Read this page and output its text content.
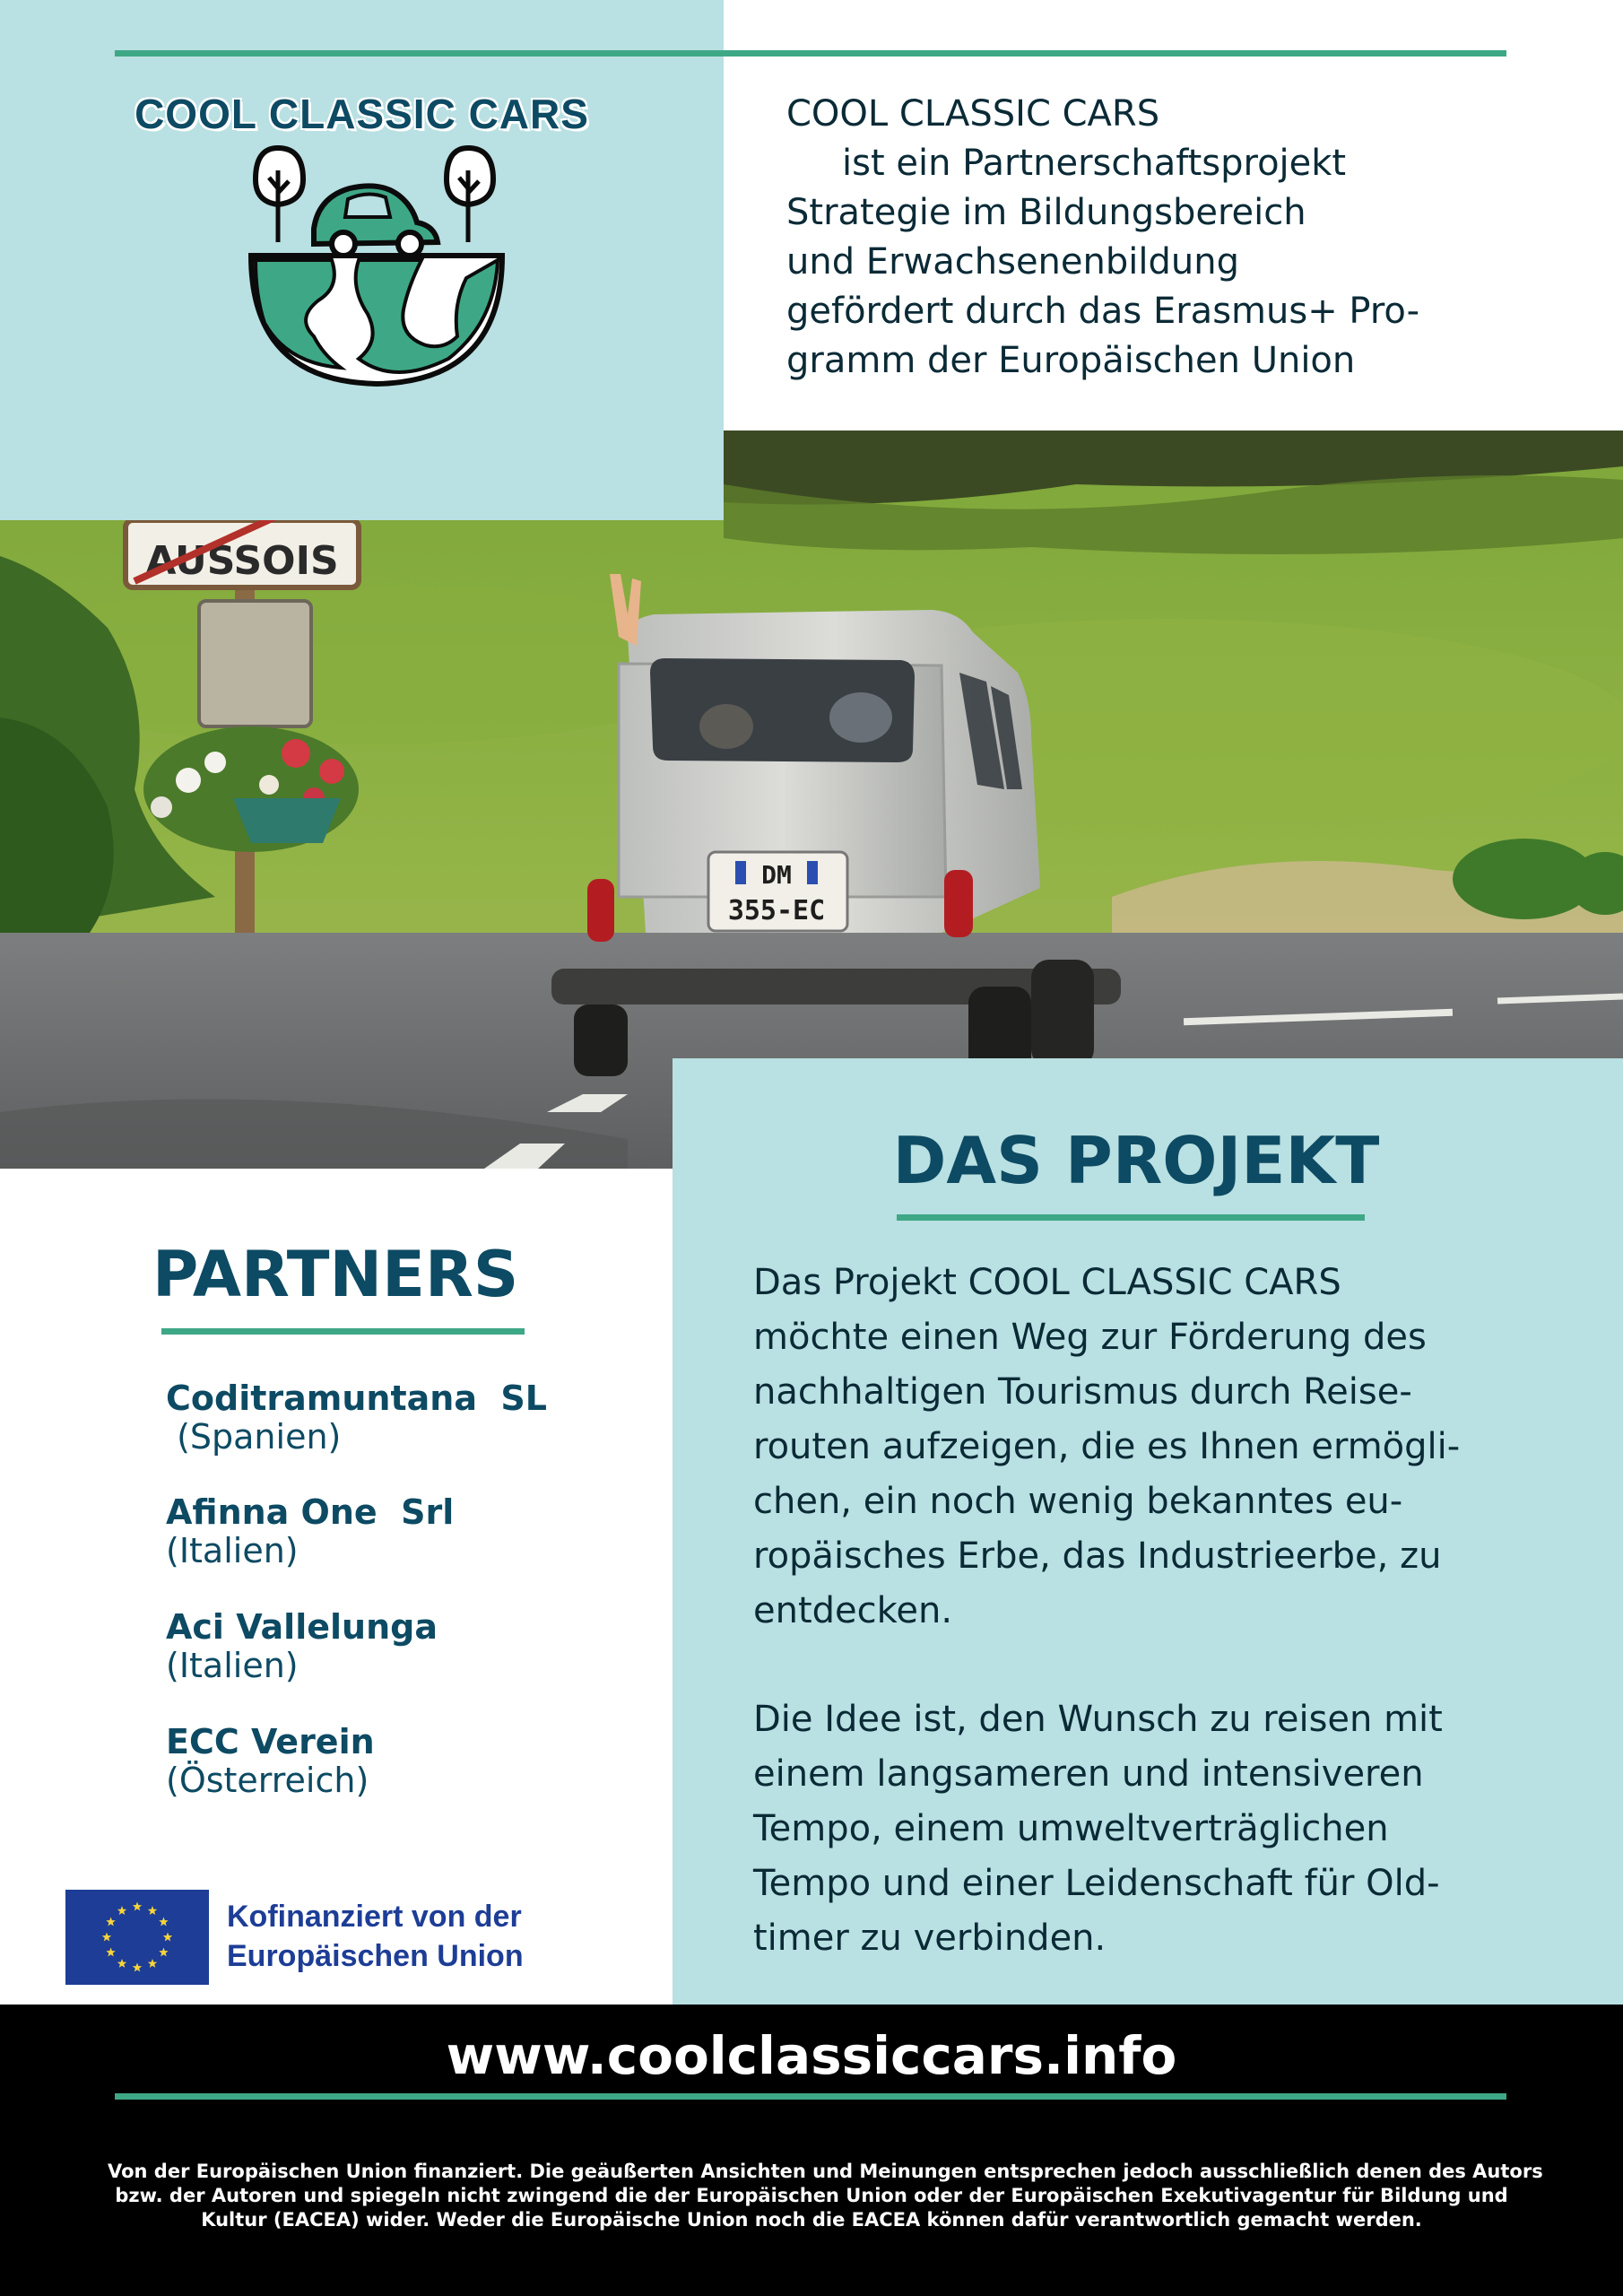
AUSSOIS
DM
355-EC
COOL CLASSIC CARS	COOL CLASSIC CARS
ist ein Partnerschaftsprojekt
Strategie im Bildungsbereich
und Erwachsenenbildung
gefördert durch das Erasmus+ Pro-
gramm der Europäischen Union
DAS PROJEKT
Das Projekt COOL CLASSIC CARS
möchte einen Weg zur Förderung des
nachhaltigen Tourismus durch Reise-
routen aufzeigen, die es Ihnen ermögli-
chen, ein noch wenig bekanntes eu-
ropäisches Erbe, das Industrieerbe, zu
entdecken.
Die Idee ist, den Wunsch zu reisen mit
einem langsameren und intensiveren
Tempo, einem umweltverträglichen
Tempo und einer Leidenschaft für Old-
timer zu verbinden.
PARTNERS
Coditramuntana  SL
(Spanien)
Afinna One  Srl
(Italien)
Aci Vallelunga
(Italien)
ECC Verein
(Österreich)
Kofinanziert von der
Europäischen Union
www.coolclassiccars.info
Von der Europäischen Union finanziert. Die geäußerten Ansichten und Meinungen entsprechen jedoch ausschließlich denen des Autors
bzw. der Autoren und spiegeln nicht zwingend die der Europäischen Union oder der Europäischen Exekutivagentur für Bildung und
Kultur (EACEA) wider. Weder die Europäische Union noch die EACEA können dafür verantwortlich gemacht werden.
